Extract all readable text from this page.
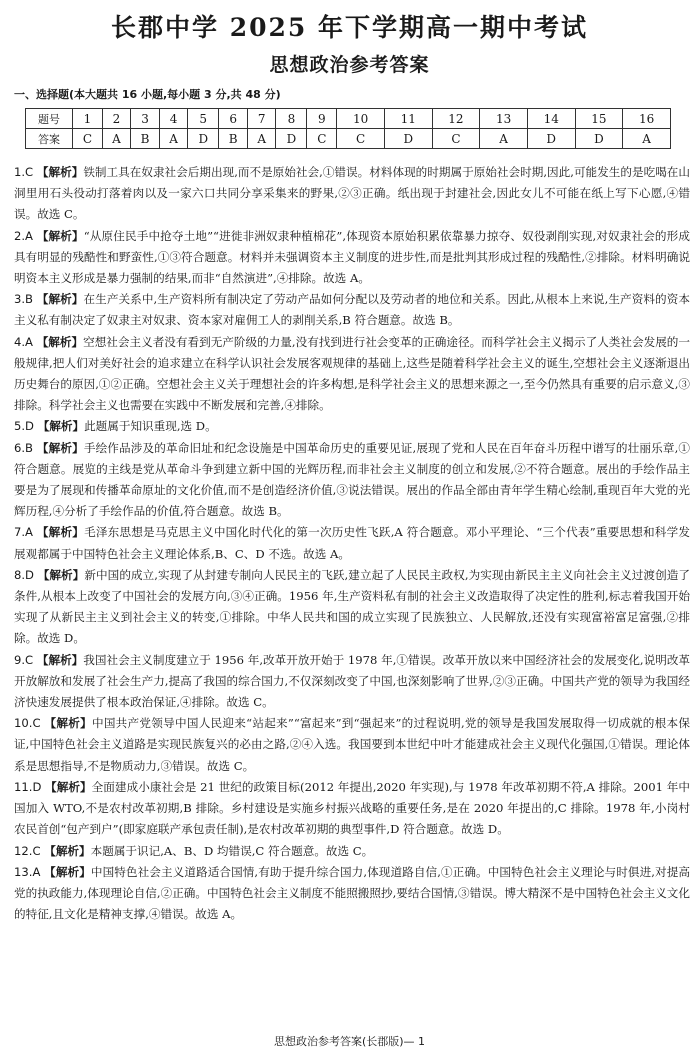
长郡中学 2025 年下学期高一期中考试
思想政治参考答案
一、选择题(本大题共 16 小题,每小题 3 分,共 48 分)
题号	1	2	3	4	5	6	7	8	9	10	11	12	13	14	15	16
答案	C	A	B	A	D	B	A	D	C	C	D	C	A	D	D	A

1.C 【解析】铁制工具在奴隶社会后期出现,而不是原始社会,①错误。材料体现的时期属于原始社会时期,因此,可能发生的是吃喝在山洞里用石头役动打落着肉以及一家六口共同分享采集来的野果,②③正确。纸出现于封建社会,因此女儿不可能在纸上写下心愿,④错误。故选 C。

2.A 【解析】“从原住民手中抢夺土地”“进徙非洲奴隶种植棉花”,体现资本原始积累依靠暴力掠夺、奴役剥削实现,对奴隶社会的形成具有明显的残酷性和野蛮性,①③符合题意。材料并未强调资本主义制度的进步性,而是批判其形成过程的残酷性,②排除。材料明确说明资本主义形成是暴力强制的结果,而非“自然演进”,④排除。故选 A。

3.B 【解析】在生产关系中,生产资料所有制决定了劳动产品如何分配以及劳动者的地位和关系。因此,从根本上来说,生产资料的资本主义私有制决定了奴隶主对奴隶、资本家对雇佣工人的剥削关系,B 符合题意。故选 B。

4.A 【解析】空想社会主义者没有看到无产阶级的力量,没有找到进行社会变革的正确途径。而科学社会主义揭示了人类社会发展的一般规律,把人们对美好社会的追求建立在科学认识社会发展客观规律的基础上,这些是随着科学社会主义的诞生,空想社会主义逐渐退出历史舞台的原因,①②正确。空想社会主义关于理想社会的许多构想,是科学社会主义的思想来源之一,至今仍然具有重要的启示意义,③排除。科学社会主义也需要在实践中不断发展和完善,④排除。

5.D 【解析】此题属于知识重现,选 D。

6.B 【解析】手绘作品涉及的革命旧址和纪念设施是中国革命历史的重要见证,展现了党和人民在百年奋斗历程中谱写的壮丽乐章,①符合题意。展览的主线是党从革命斗争到建立新中国的光辉历程,而非社会主义制度的创立和发展,②不符合题意。展出的手绘作品主要是为了展现和传播革命原址的文化价值,而不是创造经济价值,③说法错误。展出的作品全部由青年学生精心绘制,重现百年大党的光辉历程,④分析了手绘作品的价值,符合题意。故选 B。

7.A 【解析】毛泽东思想是马克思主义中国化时代化的第一次历史性飞跃,A 符合题意。邓小平理论、“三个代表”重要思想和科学发展观都属于中国特色社会主义理论体系,B、C、D 不选。故选 A。

8.D 【解析】新中国的成立,实现了从封建专制向人民民主的飞跃,建立起了人民民主政权,为实现由新民主主义向社会主义过渡创造了条件,从根本上改变了中国社会的发展方向,③④正确。1956 年,生产资料私有制的社会主义改造取得了决定性的胜利,标志着我国开始实现了从新民主主义到社会主义的转变,①排除。中华人民共和国的成立实现了民族独立、人民解放,还没有实现富裕富足富强,②排除。故选 D。

9.C 【解析】我国社会主义制度建立于 1956 年,改革开放开始于 1978 年,①错误。改革开放以来中国经济社会的发展变化,说明改革开放解放和发展了社会生产力,提高了我国的综合国力,不仅深刻改变了中国,也深刻影响了世界,②③正确。中国共产党的领导为我国经济快速发展提供了根本政治保证,④排除。故选 C。

10.C 【解析】中国共产党领导中国人民迎来“站起来”“富起来”到“强起来”的过程说明,党的领导是我国发展取得一切成就的根本保证,中国特色社会主义道路是实现民族复兴的必由之路,②④入选。我国要到本世纪中叶才能建成社会主义现代化强国,①错误。理论体系是思想指导,不是物质动力,③错误。故选 C。

11.D 【解析】全面建成小康社会是 21 世纪的政策目标(2012 年提出,2020 年实现),与 1978 年改革初期不符,A 排除。2001 年中国加入 WTO,不是农村改革初期,B 排除。乡村建设是实施乡村振兴战略的重要任务,是在 2020 年提出的,C 排除。1978 年,小岗村农民首创“包产到户”(即家庭联产承包责任制),是农村改革初期的典型事件,D 符合题意。故选 D。

12.C 【解析】本题属于识记,A、B、D 均错误,C 符合题意。故选 C。

13.A 【解析】中国特色社会主义道路适合国情,有助于提升综合国力,体现道路自信,①正确。中国特色社会主义理论与时俱进,对提高党的执政能力,体现理论自信,②正确。中国特色社会主义制度不能照搬照抄,要结合国情,③错误。博大精深不是中国特色社会主义文化的特征,且文化是精神支撑,④错误。故选 A。

思想政治参考答案(长郡版)— 1
